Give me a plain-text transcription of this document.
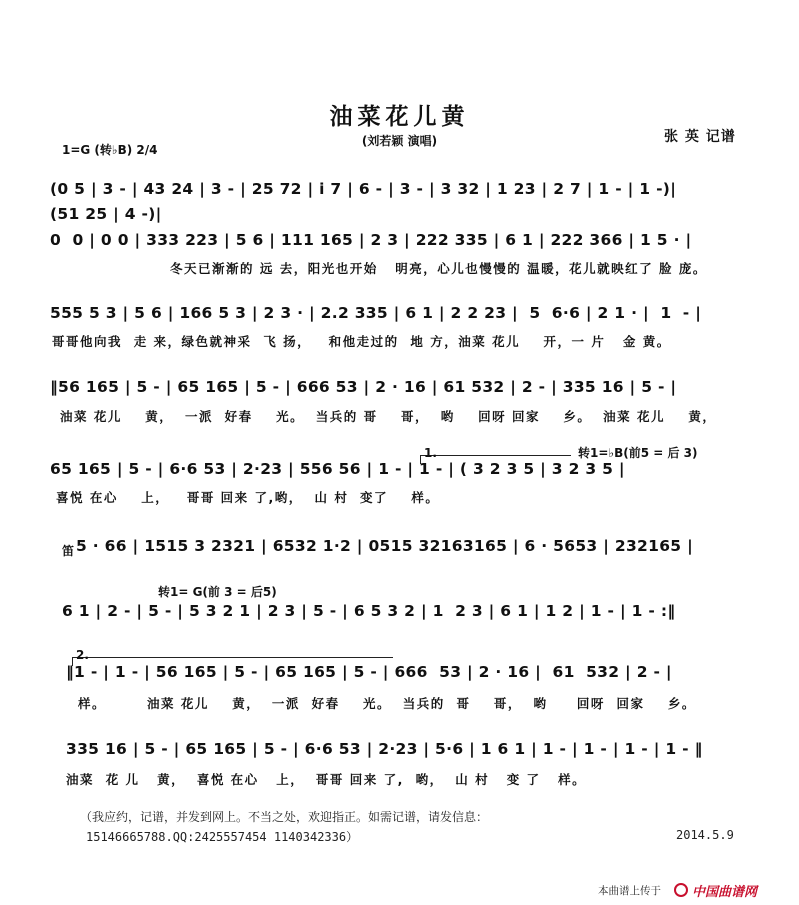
油菜花儿黄
(刘若颖 演唱)	张 英 记谱
1=G (转♭B) 2/4
(0 5 | 3 - | 43 24 | 3 - | 25 72 | i 7 | 6 - | 3 - | 3 32 | 1 23 | 2 7 | 1 - | 1 -)|
(51 25 | 4 -)|
0  0 | 0 0 | 333 223 | 5 6 | 111 165 | 2 3 | 222 335 | 6 1 | 222 366 | 1 5 · |
冬天已渐渐的 远 去，阳光也开始   明亮，心儿也慢慢的 温暖，花儿就映红了 脸 庞。
555 5 3 | 5 6 | 166 5 3 | 2 3 · | 2.2 335 | 6 1 | 2 2 23 |  5  6·6 | 2 1 · |  1  - |
哥哥他向我  走 来，绿色就神采  飞 扬，   和他走过的  地 方，油菜 花儿    开，一 片   金 黄。
‖56 165 | 5 - | 65 165 | 5 - | 666 53 | 2 · 16 | 61 532 | 2 - | 335 16 | 5 - |
油菜 花儿    黄，  一派  好春    光。  当兵的 哥    哥，  哟    回呀 回家    乡。  油菜 花儿    黄，
1.	转1=♭B(前5 = 后 3)
65 165 | 5 - | 6·6 53 | 2·23 | 556 56 | 1 - | 1 - | ( 3 2 3 5 | 3 2 3 5 |
喜悦 在心    上，   哥哥 回来 了,哟，  山 村  变了    样。
笛 5 · 66 | 1515 3 2321 | 6532 1·2 | 0515 32163165 | 6 · 5653 | 232165 |
转1= G(前 3 = 后5)
6 1 | 2 - | 5 - | 5 3 2 1 | 2 3 | 5 - | 6 5 3 2 | 1  2 3 | 6 1 | 1 2 | 1 - | 1 - :‖
2.
‖1 - | 1 - | 56 165 | 5 - | 65 165 | 5 - | 666  53 | 2 · 16 |  61  532 | 2 - |
样。       油菜 花儿    黄，  一派  好春    光。  当兵的  哥    哥，  哟     回呀  回家    乡。
335 16 | 5 - | 65 165 | 5 - | 6·6 53 | 2·23 | 5·6 | 1 6 1 | 1 - | 1 - | 1 - | 1 - ‖
油菜  花 儿   黄，  喜悦 在心   上，  哥哥 回来 了,  哟，  山 村   变 了   样。
（我应约，记谱，并发到网上。不当之处，欢迎指正。如需记谱，请发信息：
15146665788.QQ:2425557454 1140342336）	2014.5.9
本曲谱上传于 中国曲谱网
